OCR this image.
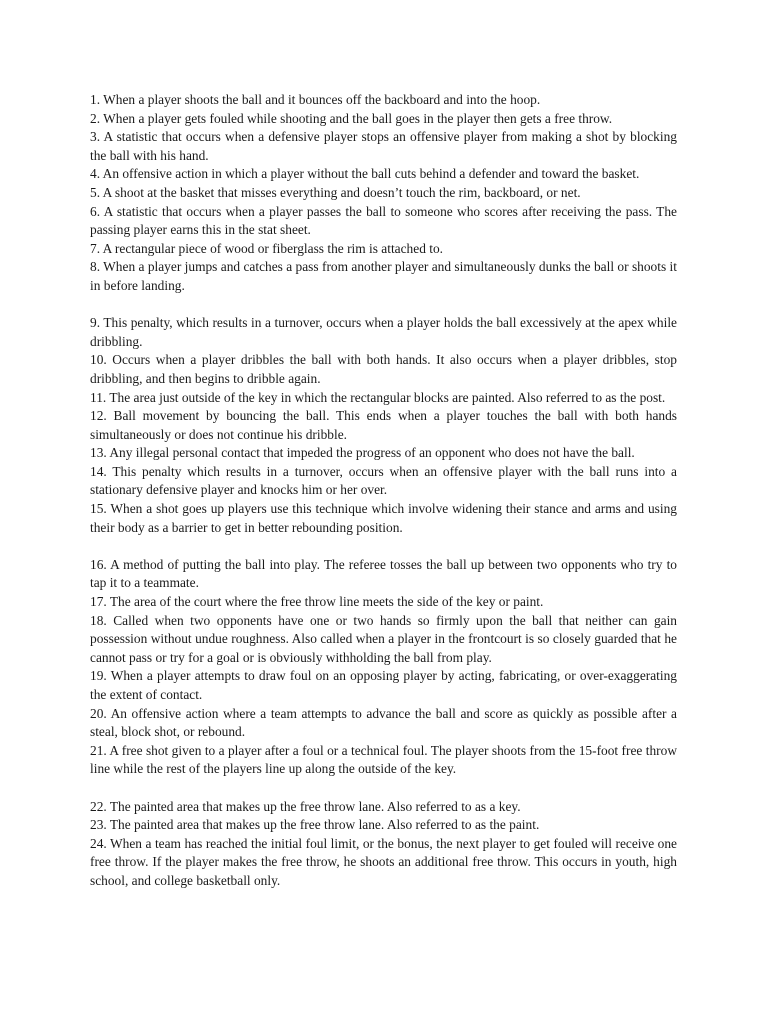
1. When a player shoots the ball and it bounces off the backboard and into the hoop.

2. When a player gets fouled while shooting and the ball goes in the player then gets a free throw.

3. A statistic that occurs when a defensive player stops an offensive player from making a shot by blocking the ball with his hand.

4. An offensive action in which a player without the ball cuts behind a defender and toward the basket.

5. A shoot at the basket that misses everything and doesn’t touch the rim, backboard, or net.

6. A statistic that occurs when a player passes the ball to someone who scores after receiving the pass. The passing player earns this in the stat sheet.

7. A rectangular piece of wood or fiberglass the rim is attached to.

8. When a player jumps and catches a pass from another player and simultaneously dunks the ball or shoots it in before landing.

9. This penalty, which results in a turnover, occurs when a player holds the ball excessively at the apex while dribbling.

10. Occurs when a player dribbles the ball with both hands. It also occurs when a player dribbles, stop dribbling, and then begins to dribble again.

11. The area just outside of the key in which the rectangular blocks are painted. Also referred to as the post.

12. Ball movement by bouncing the ball. This ends when a player touches the ball with both hands simultaneously or does not continue his dribble.

13. Any illegal personal contact that impeded the progress of an opponent who does not have the ball.

14. This penalty which results in a turnover, occurs when an offensive player with the ball runs into a stationary defensive player and knocks him or her over.

15. When a shot goes up players use this technique which involve widening their stance and arms and using their body as a barrier to get in better rebounding position.

16. A method of putting the ball into play. The referee tosses the ball up between two opponents who try to tap it to a teammate.

17. The area of the court where the free throw line meets the side of the key or paint.

18. Called when two opponents have one or two hands so firmly upon the ball that neither can gain possession without undue roughness. Also called when a player in the frontcourt is so closely guarded that he cannot pass or try for a goal or is obviously withholding the ball from play.

19. When a player attempts to draw foul on an opposing player by acting, fabricating, or over-exaggerating the extent of contact.

20. An offensive action where a team attempts to advance the ball and score as quickly as possible after a steal, block shot, or rebound.

21. A free shot given to a player after a foul or a technical foul. The player shoots from the 15-foot free throw line while the rest of the players line up along the outside of the key.

22. The painted area that makes up the free throw lane. Also referred to as a key.

23. The painted area that makes up the free throw lane. Also referred to as the paint.

24. When a team has reached the initial foul limit, or the bonus, the next player to get fouled will receive one free throw. If the player makes the free throw, he shoots an additional free throw. This occurs in youth, high school, and college basketball only.
